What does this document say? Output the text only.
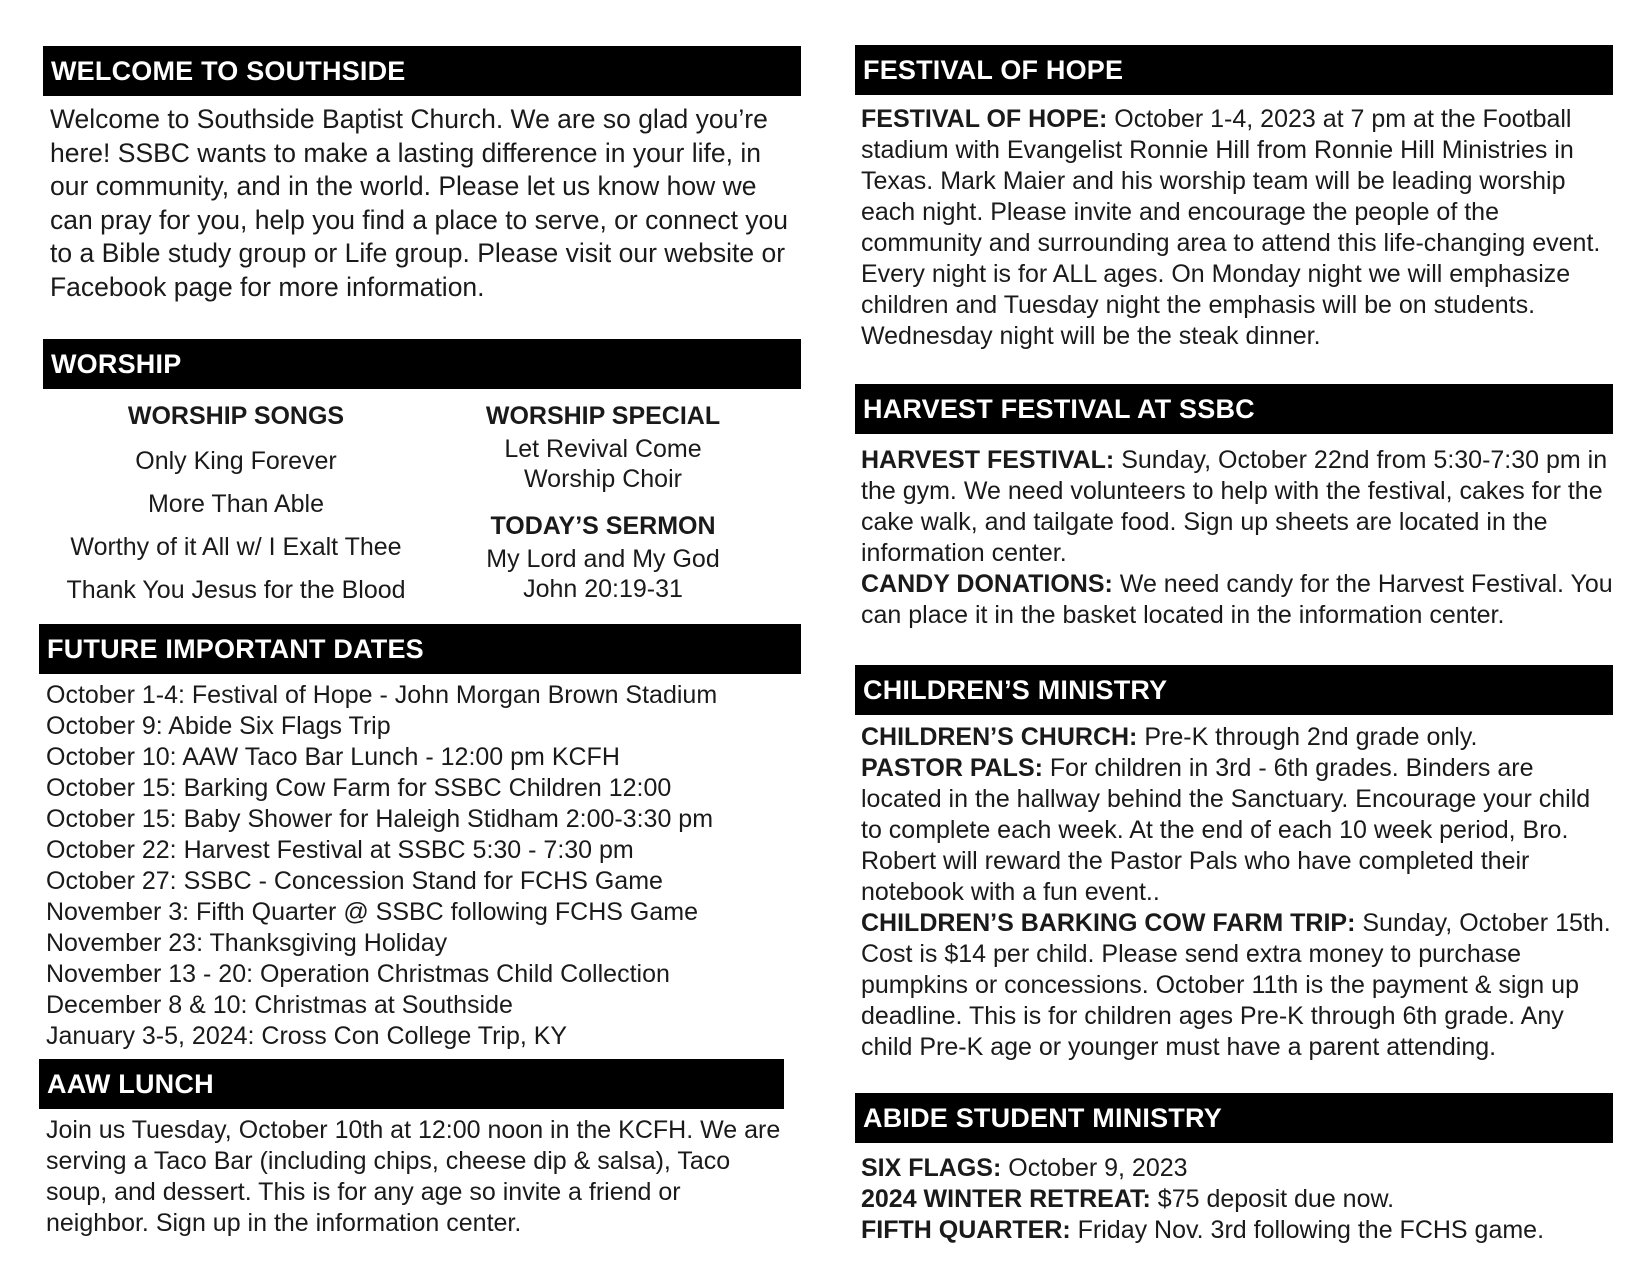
WELCOME TO SOUTHSIDE

Welcome to Southside Baptist Church. We are so glad you’re here! SSBC wants to make a lasting difference in your life, in our community, and in the world. Please let us know how we can pray for you, help you find a place to serve, or connect you to a Bible study group or Life group. Please visit our website or Facebook page for more information.

WORSHIP
WORSHIP SONGS
Only King Forever
More Than Able
Worthy of it All w/ I Exalt Thee
Thank You Jesus for the Blood
WORSHIP SPECIAL
Let Revival Come
Worship Choir
TODAY’S SERMON
My Lord and My God
John 20:19-31
FUTURE IMPORTANT DATES
October 1-4: Festival of Hope - John Morgan Brown Stadium
October 9: Abide Six Flags Trip
October 10: AAW Taco Bar Lunch - 12:00 pm KCFH
October 15: Barking Cow Farm for SSBC Children 12:00
October 15: Baby Shower for Haleigh Stidham 2:00-3:30 pm
October 22: Harvest Festival at SSBC 5:30 - 7:30 pm
October 27: SSBC - Concession Stand for FCHS Game
November 3: Fifth Quarter @ SSBC following FCHS Game
November 23: Thanksgiving Holiday
November 13 - 20: Operation Christmas Child Collection
December 8 & 10: Christmas at Southside
January 3-5, 2024: Cross Con College Trip, KY
AAW LUNCH

Join us Tuesday, October 10th at 12:00 noon in the KCFH. We are serving a Taco Bar (including chips, cheese dip & salsa), Taco soup, and dessert. This is for any age so invite a friend or neighbor. Sign up in the information center.

FESTIVAL OF HOPE

FESTIVAL OF HOPE: October 1-4, 2023 at 7 pm at the Football stadium with Evangelist Ronnie Hill from Ronnie Hill Ministries in Texas. Mark Maier and his worship team will be leading worship each night. Please invite and encourage the people of the community and surrounding area to attend this life-changing event. Every night is for ALL ages. On Monday night we will emphasize children and Tuesday night the emphasis will be on students. Wednesday night will be the steak dinner.

HARVEST FESTIVAL AT SSBC

HARVEST FESTIVAL: Sunday, October 22nd from 5:30-7:30 pm in the gym. We need volunteers to help with the festival, cakes for the cake walk, and tailgate food. Sign up sheets are located in the information center.

CANDY DONATIONS: We need candy for the Harvest Festival. You can place it in the basket located in the information center.

CHILDREN’S MINISTRY

CHILDREN’S CHURCH: Pre-K through 2nd grade only.

PASTOR PALS: For children in 3rd - 6th grades. Binders are located in the hallway behind the Sanctuary. Encourage your child to complete each week. At the end of each 10 week period, Bro. Robert will reward the Pastor Pals who have completed their notebook with a fun event..

CHILDREN’S BARKING COW FARM TRIP: Sunday, October 15th. Cost is $14 per child. Please send extra money to purchase pumpkins or concessions. October 11th is the payment & sign up deadline. This is for children ages Pre-K through 6th grade. Any child Pre-K age or younger must have a parent attending.

ABIDE STUDENT MINISTRY

SIX FLAGS: October 9, 2023

2024 WINTER RETREAT: $75 deposit due now.

FIFTH QUARTER: Friday Nov. 3rd following the FCHS game.
